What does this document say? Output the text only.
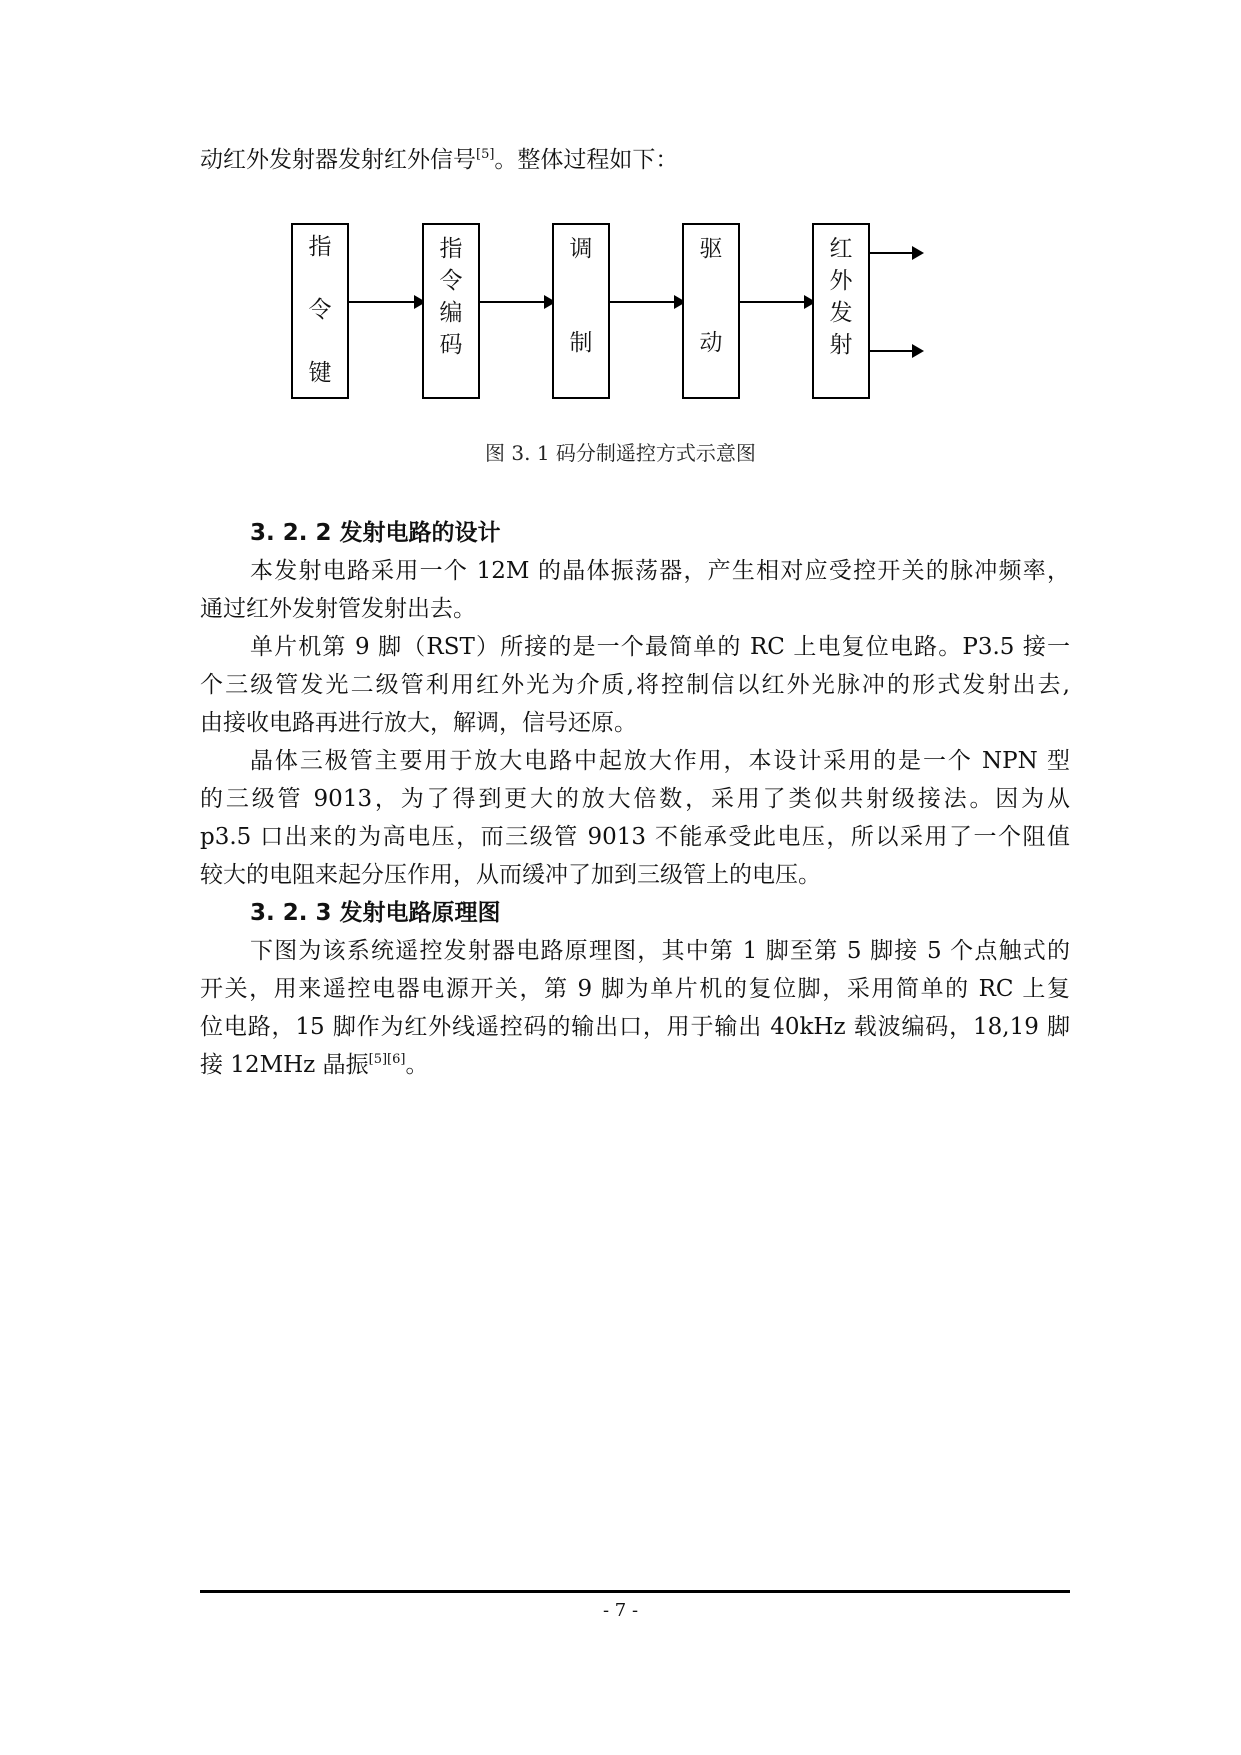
动红外发射器发射红外信号[5]。整体过程如下：
指
令
键
指
令
编
码
调
制
驱
动
红
外
发
射
图 3. 1 码分制遥控方式示意图
3. 2. 2 发射电路的设计
本发射电路采用一个 12M 的晶体振荡器，产生相对应受控开关的脉冲频率，
通过红外发射管发射出去。
单片机第 9 脚（RST）所接的是一个最简单的 RC 上电复位电路。P3.5 接一
个三级管发光二级管利用红外光为介质,将控制信以红外光脉冲的形式发射出去,
由接收电路再进行放大，解调，信号还原。
晶体三极管主要用于放大电路中起放大作用，本设计采用的是一个 NPN 型
的三级管 9013，为了得到更大的放大倍数，采用了类似共射级接法。因为从
p3.5 口出来的为高电压，而三级管 9013 不能承受此电压，所以采用了一个阻值
较大的电阻来起分压作用，从而缓冲了加到三级管上的电压。
3. 2. 3 发射电路原理图
下图为该系统遥控发射器电路原理图，其中第 1 脚至第 5 脚接 5 个点触式的
开关，用来遥控电器电源开关，第 9 脚为单片机的复位脚，采用简单的 RC 上复
位电路，15 脚作为红外线遥控码的输出口，用于输出 40kHz 载波编码，18,19 脚
接 12MHz 晶振[5][6]。
- 7 -
